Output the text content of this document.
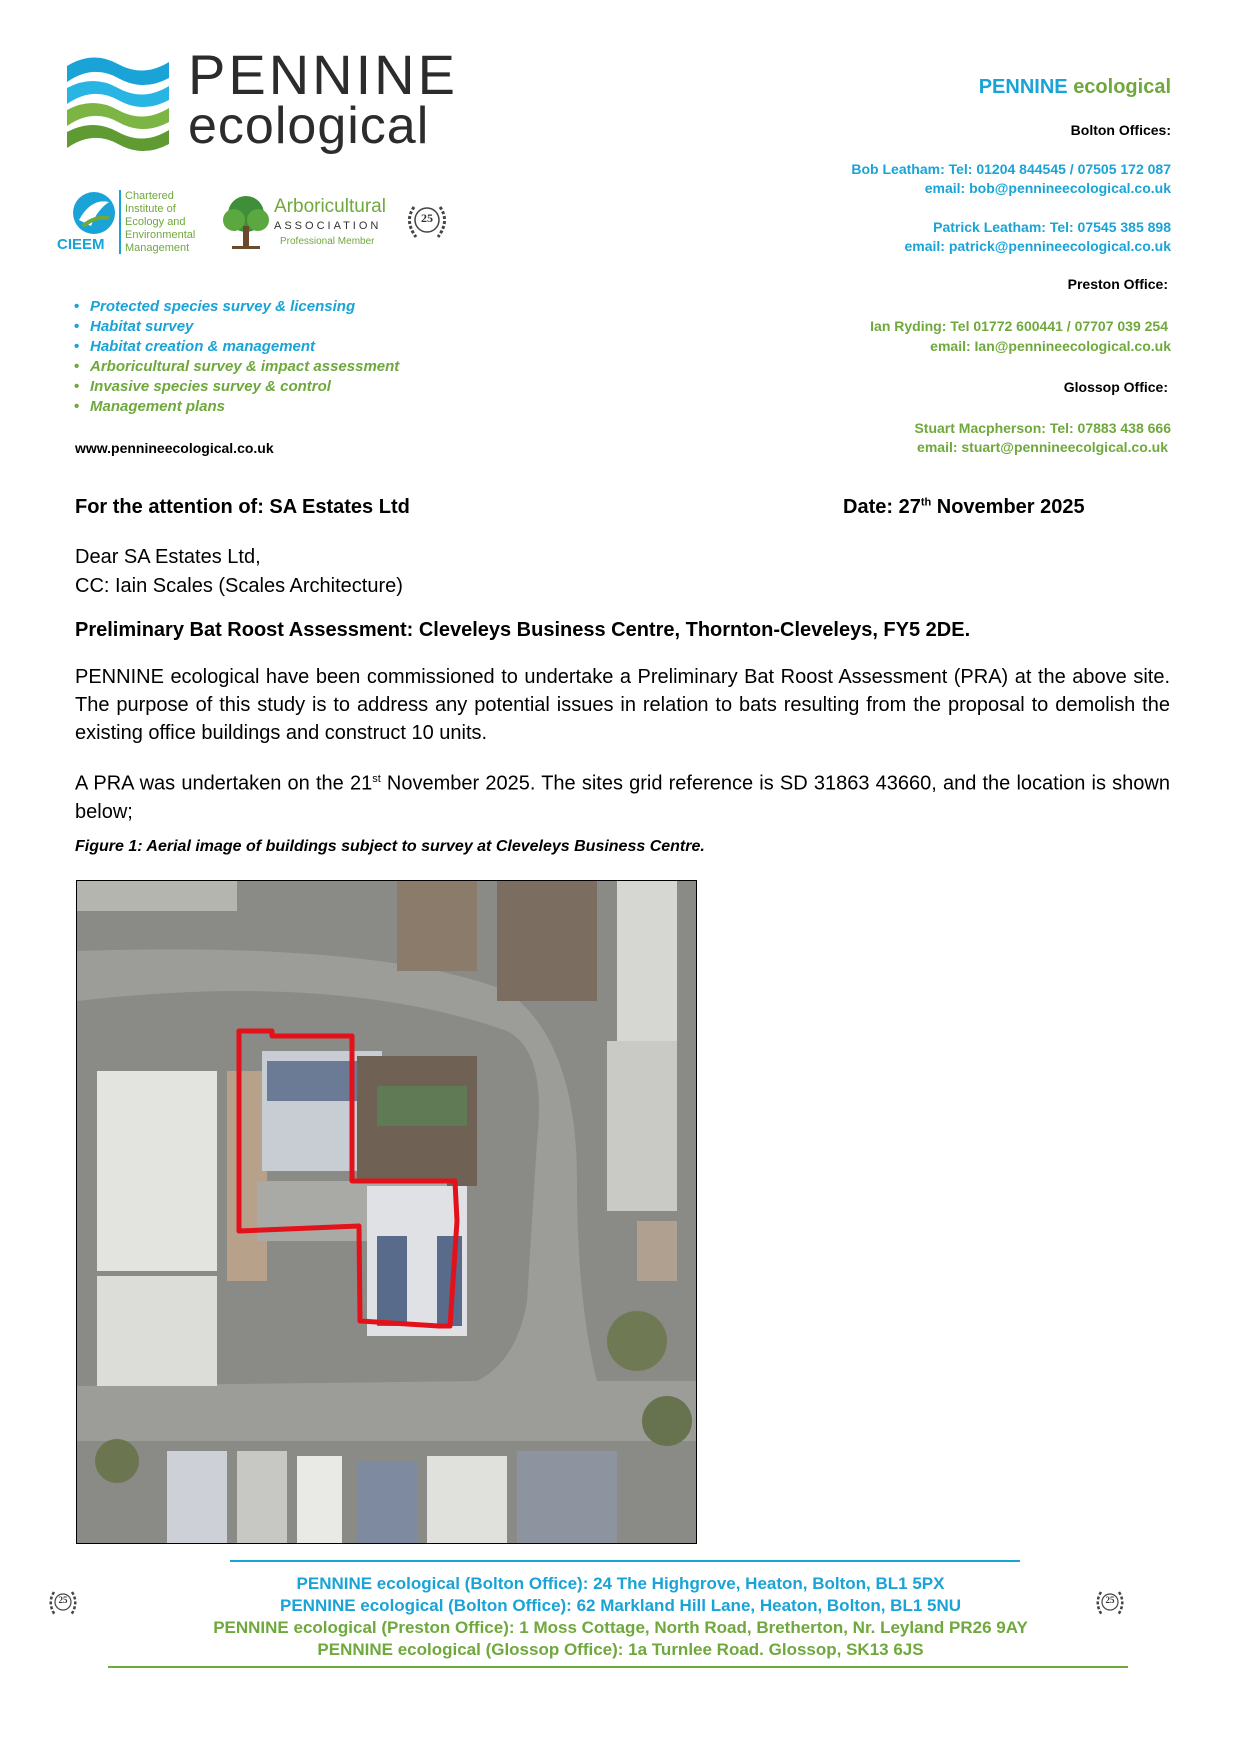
PENNINE
ecological
CIEEM
Chartered Institute of Ecology and Environmental Management
Arboricultural
ASSOCIATION
Professional Member
25
• Protected species survey & licensing
• Habitat survey
• Habitat creation & management
• Arboricultural survey & impact assessment
• Invasive species survey & control
• Management plans
www.pennineecological.co.uk
PENNINE ecological
Bolton Offices:
Bob Leatham: Tel: 01204 844545 / 07505 172 087
email: bob@pennineecological.co.uk
Patrick Leatham: Tel: 07545 385 898
email: patrick@pennineecological.co.uk
Preston Office:
Ian Ryding: Tel 01772 600441 / 07707 039 254
email: Ian@pennineecological.co.uk
Glossop Office:
Stuart Macpherson: Tel: 07883 438 666
email: stuart@pennineecolgical.co.uk
For the attention of: SA Estates Ltd	Date: 27th November 2025
Dear SA Estates Ltd,
CC: Iain Scales (Scales Architecture)
Preliminary Bat Roost Assessment: Cleveleys Business Centre, Thornton-Cleveleys, FY5 2DE.
PENNINE ecological have been commissioned to undertake a Preliminary Bat Roost Assessment (PRA) at the above site. The purpose of this study is to address any potential issues in relation to bats resulting from the proposal to demolish the existing office buildings and construct 10 units.
A PRA was undertaken on the 21st November 2025. The sites grid reference is SD 31863 43660, and the location is shown below;
Figure 1: Aerial image of buildings subject to survey at Cleveleys Business Centre.
25	25
PENNINE ecological (Bolton Office): 24 The Highgrove, Heaton, Bolton, BL1 5PX
PENNINE ecological (Bolton Office): 62 Markland Hill Lane, Heaton, Bolton, BL1 5NU
PENNINE ecological (Preston Office): 1 Moss Cottage, North Road, Bretherton, Nr. Leyland PR26 9AY
PENNINE ecological (Glossop Office): 1a Turnlee Road. Glossop, SK13 6JS
